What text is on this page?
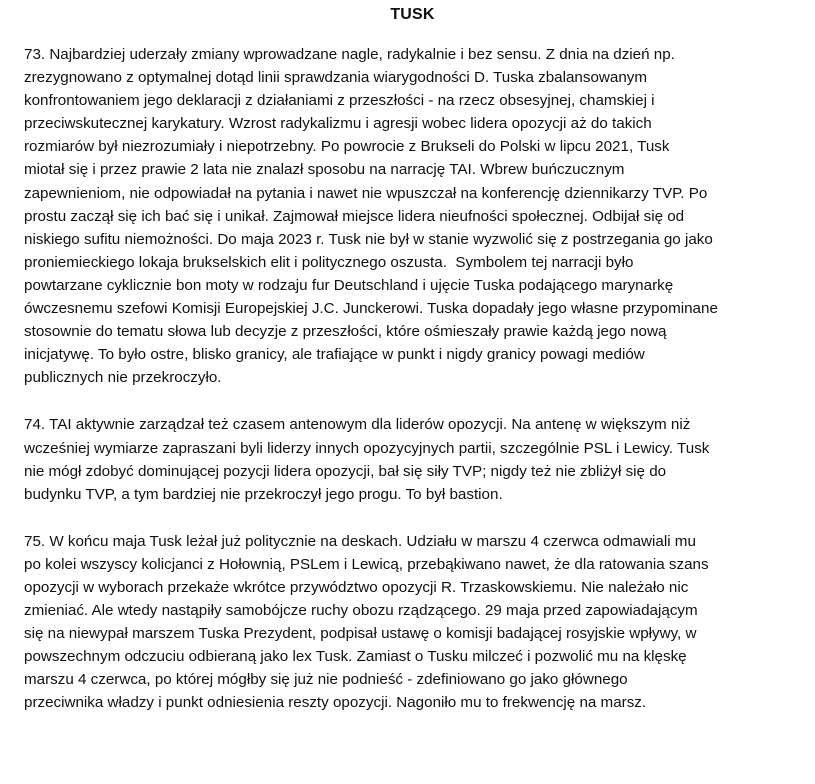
TUSK

73. Najbardziej uderzały zmiany wprowadzane nagle, radykalnie i bez sensu. Z dnia na dzień np.
zrezygnowano z optymalnej dotąd linii sprawdzania wiarygodności D. Tuska zbalansowanym
konfrontowaniem jego deklaracji z działaniami z przeszłości - na rzecz obsesyjnej, chamskiej i
przeciwskutecznej karykatury. Wzrost radykalizmu i agresji wobec lidera opozycji aż do takich
rozmiarów był niezrozumiały i niepotrzebny. Po powrocie z Brukseli do Polski w lipcu 2021, Tusk
miotał się i przez prawie 2 lata nie znalazł sposobu na narrację TAI. Wbrew buńczucznym
zapewnieniom, nie odpowiadał na pytania i nawet nie wpuszczał na konferencję dziennikarzy TVP. Po
prostu zaczął się ich bać się i unikał. Zajmował miejsce lidera nieufności społecznej. Odbijał się od
niskiego sufitu niemożności. Do maja 2023 r. Tusk nie był w stanie wyzwolić się z postrzegania go jako
proniemieckiego lokaja brukselskich elit i politycznego oszusta.  Symbolem tej narracji było
powtarzane cyklicznie bon moty w rodzaju fur Deutschland i ujęcie Tuska podającego marynarkę
ówczesnemu szefowi Komisji Europejskiej J.C. Junckerowi. Tuska dopadały jego własne przypominane
stosownie do tematu słowa lub decyzje z przeszłości, które ośmieszały prawie każdą jego nową
inicjatywę. To było ostre, blisko granicy, ale trafiające w punkt i nigdy granicy powagi mediów
publicznych nie przekroczyło.

74. TAI aktywnie zarządzał też czasem antenowym dla liderów opozycji. Na antenę w większym niż
wcześniej wymiarze zapraszani byli liderzy innych opozycyjnych partii, szczególnie PSL i Lewicy. Tusk
nie mógł zdobyć dominującej pozycji lidera opozycji, bał się siły TVP; nigdy też nie zbliżył się do
budynku TVP, a tym bardziej nie przekroczył jego progu. To był bastion.

75. W końcu maja Tusk leżał już politycznie na deskach. Udziału w marszu 4 czerwca odmawiali mu
po kolei wszyscy kolicjanci z Hołownią, PSLem i Lewicą, przebąkiwano nawet, że dla ratowania szans
opozycji w wyborach przekaże wkrótce przywództwo opozycji R. Trzaskowskiemu. Nie należało nic
zmieniać. Ale wtedy nastąpiły samobójcze ruchy obozu rządzącego. 29 maja przed zapowiadającym
się na niewypał marszem Tuska Prezydent, podpisał ustawę o komisji badającej rosyjskie wpływy, w
powszechnym odczuciu odbieraną jako lex Tusk. Zamiast o Tusku milczeć i pozwolić mu na klęskę
marszu 4 czerwca, po której mógłby się już nie podnieść - zdefiniowano go jako głównego
przeciwnika władzy i punkt odniesienia reszty opozycji. Nagoniło mu to frekwencję na marsz.
